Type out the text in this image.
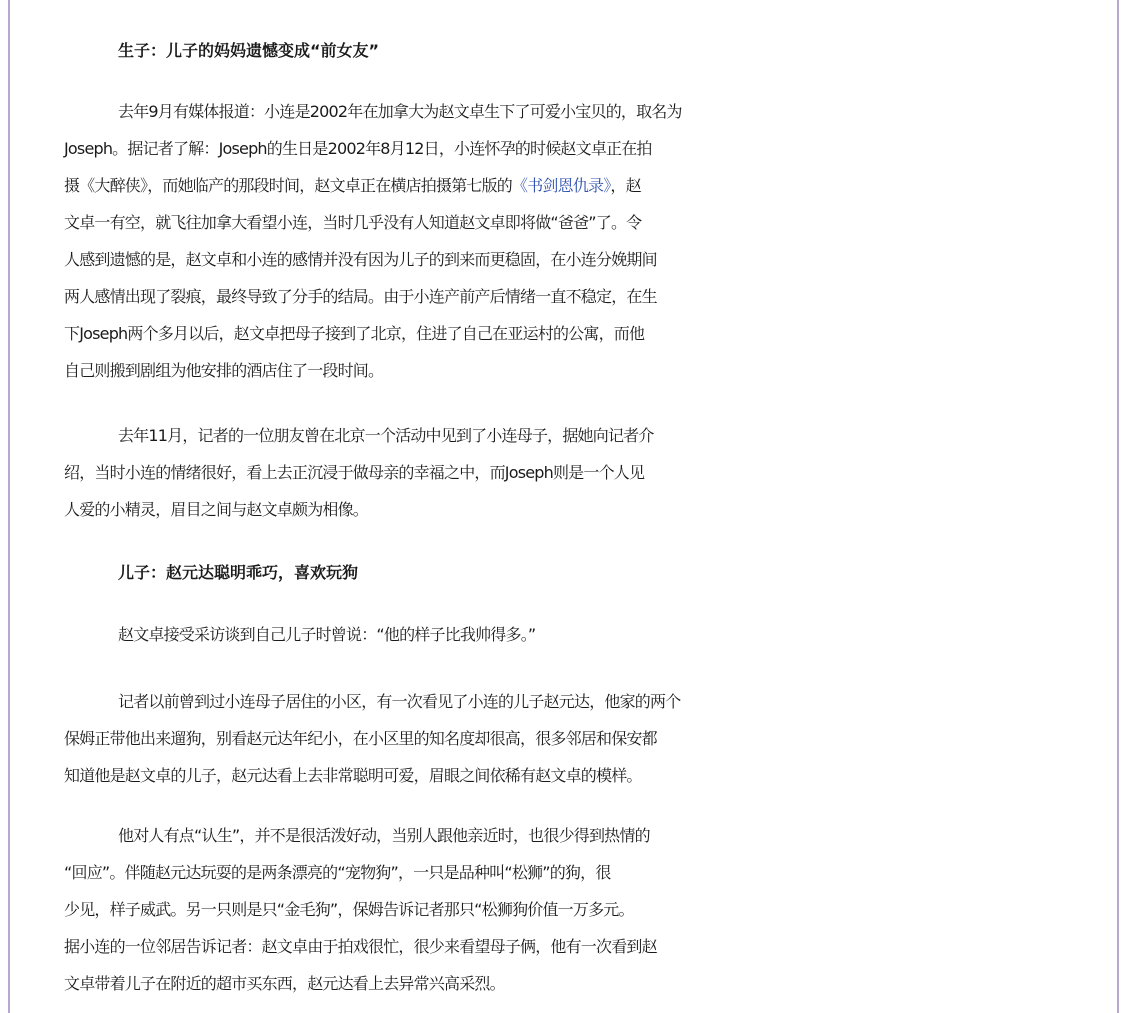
生子：儿子的妈妈遗憾变成“前女友”
去年9月有媒体报道：小连是2002年在加拿大为赵文卓生下了可爱小宝贝的，取名为
Joseph。据记者了解：Joseph的生日是2002年8月12日，小连怀孕的时候赵文卓正在拍
摄《大醉侠》，而她临产的那段时间，赵文卓正在横店拍摄第七版的《书剑恩仇录》，赵
文卓一有空，就飞往加拿大看望小连，当时几乎没有人知道赵文卓即将做“爸爸”了。令
人感到遗憾的是，赵文卓和小连的感情并没有因为儿子的到来而更稳固，在小连分娩期间
两人感情出现了裂痕，最终导致了分手的结局。由于小连产前产后情绪一直不稳定，在生
下Joseph两个多月以后，赵文卓把母子接到了北京，住进了自己在亚运村的公寓，而他
自己则搬到剧组为他安排的酒店住了一段时间。
去年11月，记者的一位朋友曾在北京一个活动中见到了小连母子，据她向记者介
绍，当时小连的情绪很好，看上去正沉浸于做母亲的幸福之中，而Joseph则是一个人见
人爱的小精灵，眉目之间与赵文卓颇为相像。
儿子：赵元达聪明乖巧，喜欢玩狗
赵文卓接受采访谈到自己儿子时曾说：“他的样子比我帅得多。”
记者以前曾到过小连母子居住的小区，有一次看见了小连的儿子赵元达，他家的两个
保姆正带他出来遛狗，别看赵元达年纪小，在小区里的知名度却很高，很多邻居和保安都
知道他是赵文卓的儿子，赵元达看上去非常聪明可爱，眉眼之间依稀有赵文卓的模样。
他对人有点“认生”，并不是很活泼好动，当别人跟他亲近时，也很少得到热情的
“回应”。伴随赵元达玩耍的是两条漂亮的“宠物狗”，一只是品种叫“松狮”的狗，很
少见，样子威武。另一只则是只“金毛狗”，保姆告诉记者那只“松狮狗价值一万多元。
据小连的一位邻居告诉记者：赵文卓由于拍戏很忙，很少来看望母子俩，他有一次看到赵
文卓带着儿子在附近的超市买东西，赵元达看上去异常兴高采烈。
